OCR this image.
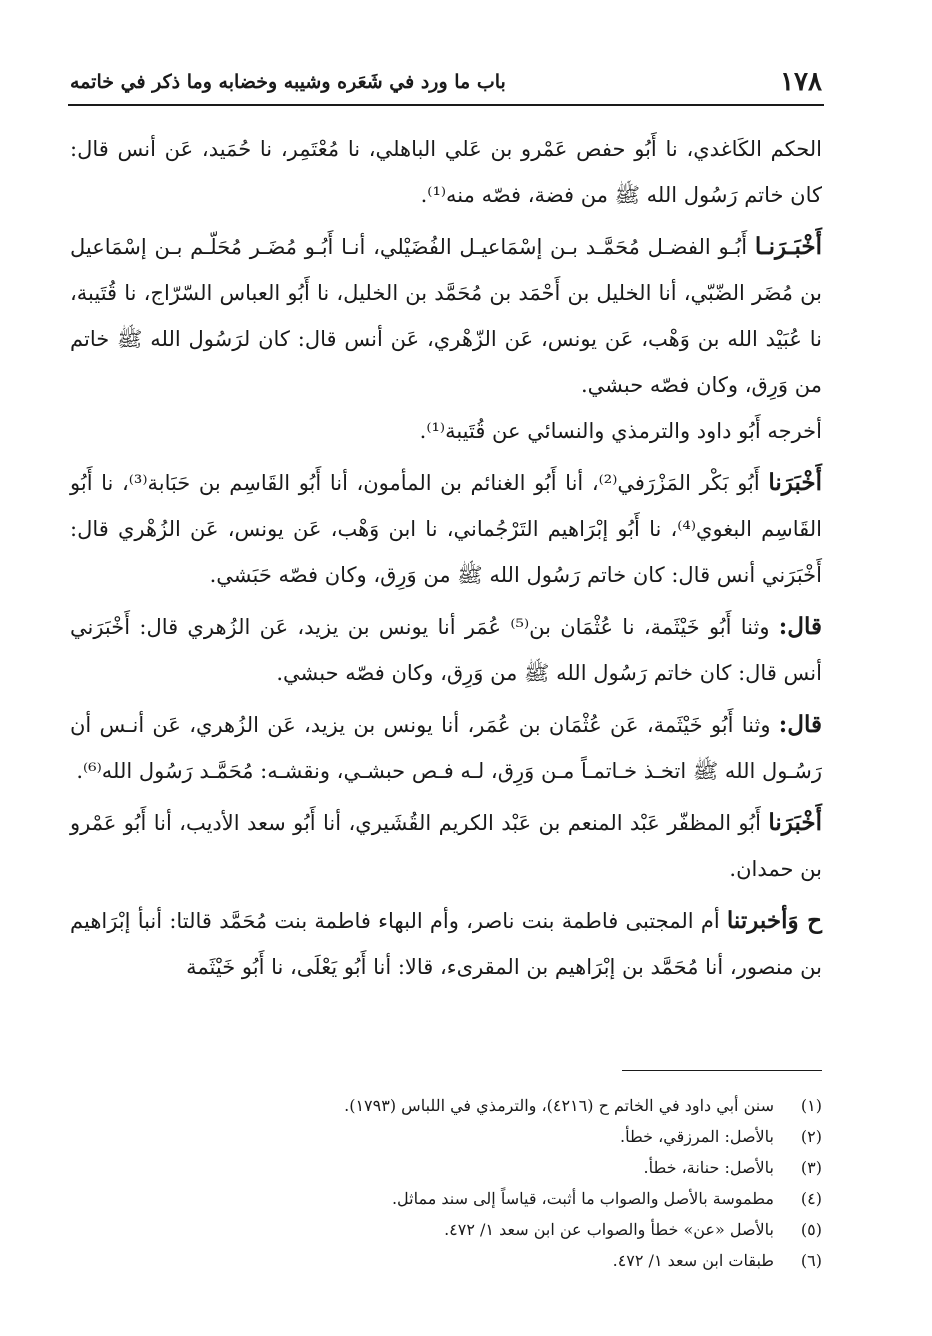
١٧٨
باب ما ورد في شَعَره وشيبه وخضابه وما ذكر في خاتمه

الحكم الكَاغدي، نا أَبُو حفص عَمْرو بن عَلي الباهلي، نا مُعْتَمِر، نا حُمَيد، عَن أنس قال: كان خاتم رَسُول الله ﷺ من فضة، فصّه منه⁽¹⁾.

أَخْبَـرَنـا أَبُـو الفضـل مُحَمَّـد بـن إسْمَاعيـل الفُضَيْلي، أنـا أَبُـو مُضَـر مُحَلّـم بـن إسْمَاعيل بن مُضَر الضّبّي، أنا الخليل بن أَحْمَد بن مُحَمَّد بن الخليل، نا أَبُو العباس السّرّاج، نا قُتَيبة، نا عُبَيْد الله بن وَهْب، عَن يونس، عَن الزّهْري، عَن أنس قال: كان لرَسُول الله ﷺ خاتم من وَرِق، وكان فصّه حبشي.

أخرجه أَبُو داود والترمذي والنسائي عن قُتَيبة⁽¹⁾.

أَخْبَرَنا أَبُو بَكْر المَزْرَفي⁽²⁾، أنا أَبُو الغنائم بن المأمون، أنا أَبُو القَاسِم بن حَبَابة⁽³⁾، نا أَبُو القَاسِم البغوي⁽⁴⁾، نا أَبُو إبْرَاهيم التَرْجُماني، نا ابن وَهْب، عَن يونس، عَن الزُهْري قال: أَخْبَرَني أنس قال: كان خاتم رَسُول الله ﷺ من وَرِق، وكان فصّه حَبَشي.

قال: وثنا أَبُو خَيْثَمة، نا عُثْمَان بن⁽⁵⁾ عُمَر أنا يونس بن يزيد، عَن الزُهري قال: أَخْبَرَني أنس قال: كان خاتم رَسُول الله ﷺ من وَرِق، وكان فصّه حبشي.

قال: وثنا أَبُو خَيْثَمة، عَن عُثْمَان بن عُمَر، أنا يونس بن يزيد، عَن الزُهري، عَن أنـس أن رَسُـول الله ﷺ اتخـذ خـاتمـاً مـن وَرِق، لـه فـص حبشـي، ونقشـه: مُحَمَّـد رَسُول الله⁽⁶⁾.

أَخْبَرَنا أَبُو المظفّر عَبْد المنعم بن عَبْد الكريم القُشَيري، أنا أَبُو سعد الأديب، أنا أَبُو عَمْرو بن حمدان.

ح وَأخبرتنا أم المجتبى فاطمة بنت ناصر، وأم البهاء فاطمة بنت مُحَمَّد قالتا: أنبأ إبْرَاهيم بن منصور، أنا مُحَمَّد بن إبْرَاهيم بن المقرىء، قالا: أنا أَبُو يَعْلَى، نا أَبُو خَيْثَمة

(١)
سنن أبي داود في الخاتم ح (٤٢١٦)، والترمذي في اللباس (١٧٩٣).
(٢)
بالأصل: المرزقي، خطأ.
(٣)
بالأصل: حنانة، خطأ.
(٤)
مطموسة بالأصل والصواب ما أثبت، قياساً إلى سند مماثل.
(٥)
بالأصل «عن» خطأ والصواب عن ابن سعد ١/ ٤٧٢.
(٦)
طبقات ابن سعد ١/ ٤٧٢.
